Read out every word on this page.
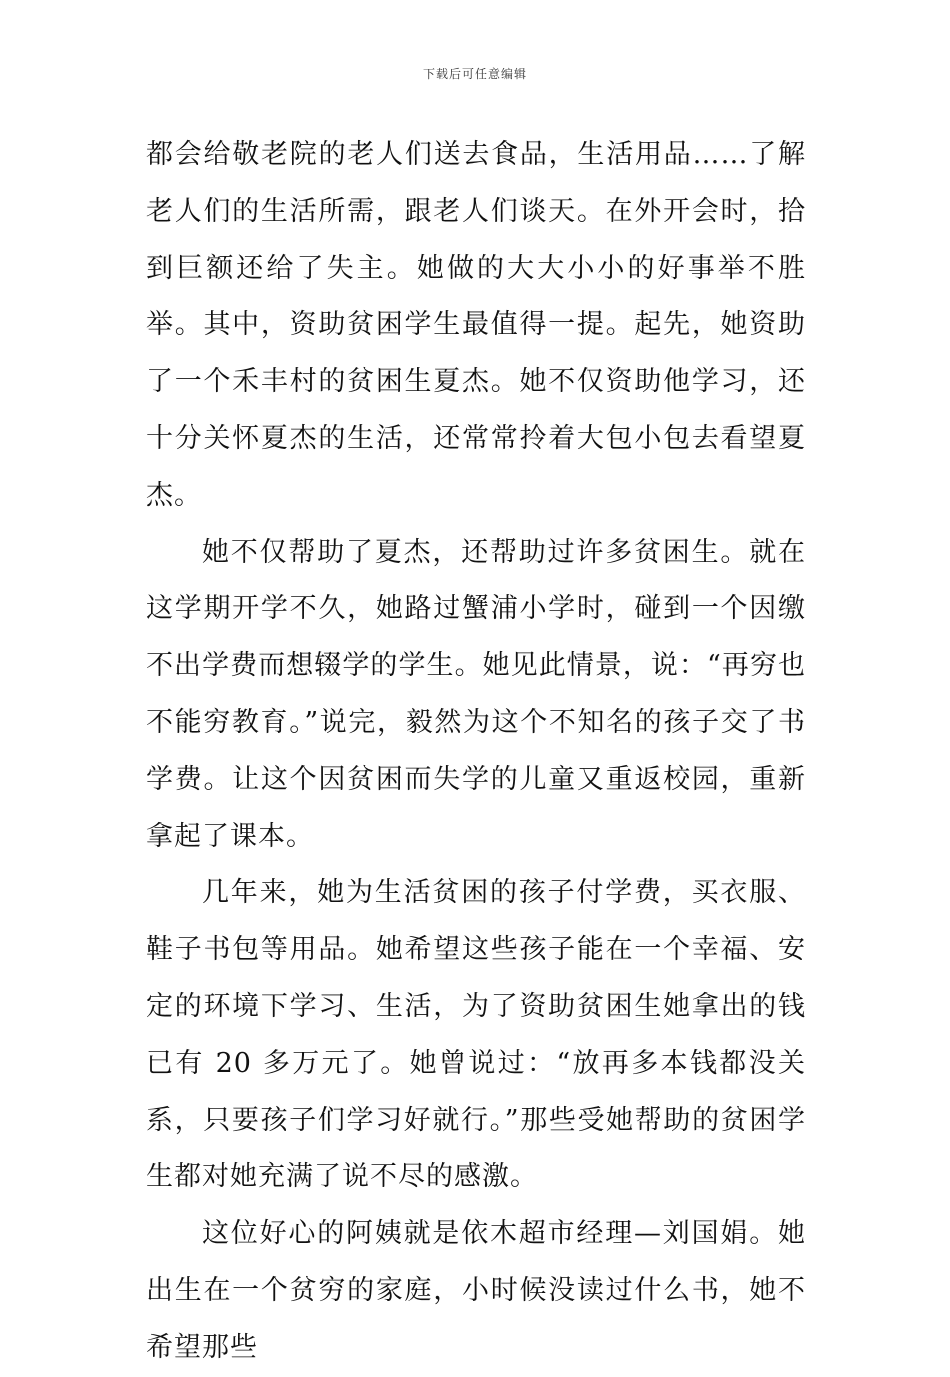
下载后可任意编辑

都会给敬老院的老人们送去食品，生活用品……了解老人们的生活所需，跟老人们谈天。在外开会时，拾到巨额还给了失主。她做的大大小小的好事举不胜举。其中，资助贫困学生最值得一提。起先，她资助了一个禾丰村的贫困生夏杰。她不仅资助他学习，还十分关怀夏杰的生活，还常常拎着大包小包去看望夏杰。

她不仅帮助了夏杰，还帮助过许多贫困生。就在这学期开学不久，她路过蟹浦小学时，碰到一个因缴不出学费而想辍学的学生。她见此情景，说：“再穷也不能穷教育。”说完，毅然为这个不知名的孩子交了书学费。让这个因贫困而失学的儿童又重返校园，重新拿起了课本。

几年来，她为生活贫困的孩子付学费，买衣服、鞋子书包等用品。她希望这些孩子能在一个幸福、安定的环境下学习、生活，为了资助贫困生她拿出的钱已有 20 多万元了。她曾说过：“放再多本钱都没关系，只要孩子们学习好就行。”那些受她帮助的贫困学生都对她充满了说不尽的感激。

这位好心的阿姨就是依木超市经理—刘国娟。她出生在一个贫穷的家庭，小时候没读过什么书，她不希望那些
